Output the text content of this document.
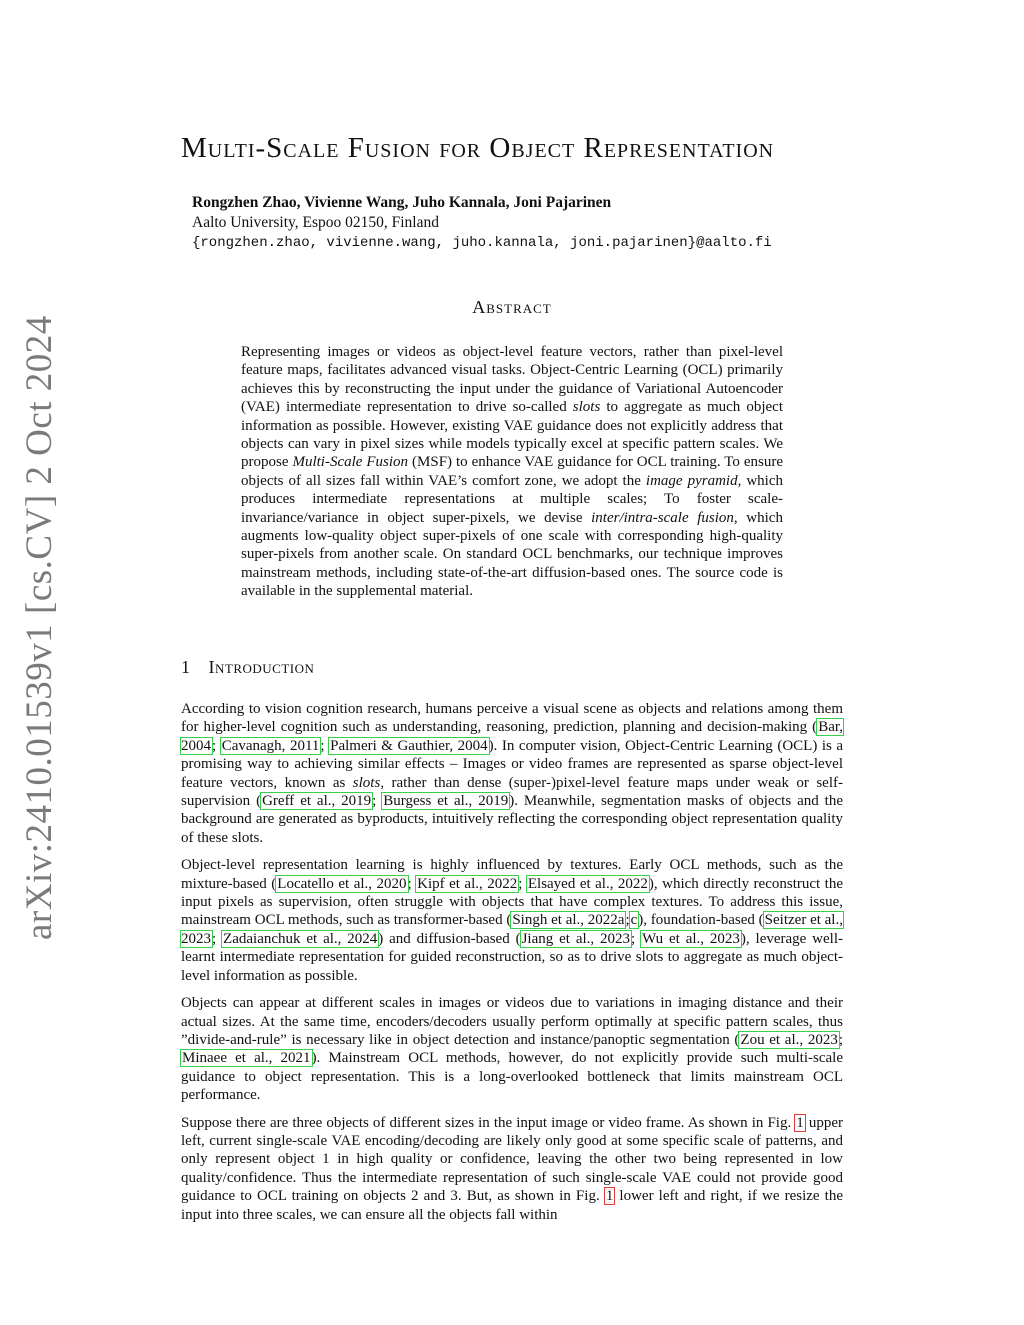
arXiv:2410.01539v1 [cs.CV] 2 Oct 2024
Multi-Scale Fusion for Object Representation
Rongzhen Zhao, Vivienne Wang, Juho Kannala, Joni Pajarinen
Aalto University, Espoo 02150, Finland
{rongzhen.zhao, vivienne.wang, juho.kannala, joni.pajarinen}@aalto.fi
Abstract
Representing images or videos as object-level feature vectors, rather than pixel-level feature maps, facilitates advanced visual tasks. Object-Centric Learning (OCL) primarily achieves this by reconstructing the input under the guidance of Variational Autoencoder (VAE) intermediate representation to drive so-called slots to aggregate as much object information as possible. However, existing VAE guidance does not explicitly address that objects can vary in pixel sizes while models typically excel at specific pattern scales. We propose Multi-Scale Fusion (MSF) to enhance VAE guidance for OCL training. To ensure objects of all sizes fall within VAE’s comfort zone, we adopt the image pyramid, which produces intermediate representations at multiple scales; To foster scale-invariance/variance in object super-pixels, we devise inter/intra-scale fusion, which augments low-quality object super-pixels of one scale with corresponding high-quality super-pixels from another scale. On standard OCL benchmarks, our technique improves mainstream methods, including state-of-the-art diffusion-based ones. The source code is available in the supplemental material.
1 Introduction

According to vision cognition research, humans perceive a visual scene as objects and relations among them for higher-level cognition such as understanding, reasoning, prediction, planning and decision-making (Bar, 2004; Cavanagh, 2011; Palmeri & Gauthier, 2004). In computer vision, Object-Centric Learning (OCL) is a promising way to achieving similar effects – Images or video frames are represented as sparse object-level feature vectors, known as slots, rather than dense (super-)pixel-level feature maps under weak or self-supervision (Greff et al., 2019; Burgess et al., 2019). Meanwhile, segmentation masks of objects and the background are generated as byproducts, intuitively reflecting the corresponding object representation quality of these slots.

Object-level representation learning is highly influenced by textures. Early OCL methods, such as the mixture-based (Locatello et al., 2020; Kipf et al., 2022; Elsayed et al., 2022), which directly reconstruct the input pixels as supervision, often struggle with objects that have complex textures. To address this issue, mainstream OCL methods, such as transformer-based (Singh et al., 2022a;c), foundation-based (Seitzer et al., 2023; Zadaianchuk et al., 2024) and diffusion-based (Jiang et al., 2023; Wu et al., 2023), leverage well-learnt intermediate representation for guided reconstruction, so as to drive slots to aggregate as much object-level information as possible.

Objects can appear at different scales in images or videos due to variations in imaging distance and their actual sizes. At the same time, encoders/decoders usually perform optimally at specific pattern scales, thus ”divide-and-rule” is necessary like in object detection and instance/panoptic segmentation (Zou et al., 2023; Minaee et al., 2021). Mainstream OCL methods, however, do not explicitly provide such multi-scale guidance to object representation. This is a long-overlooked bottleneck that limits mainstream OCL performance.

Suppose there are three objects of different sizes in the input image or video frame. As shown in Fig. 1 upper left, current single-scale VAE encoding/decoding are likely only good at some specific scale of patterns, and only represent object 1 in high quality or confidence, leaving the other two being represented in low quality/confidence. Thus the intermediate representation of such single-scale VAE could not provide good guidance to OCL training on objects 2 and 3. But, as shown in Fig. 1 lower left and right, if we resize the input into three scales, we can ensure all the objects fall within
